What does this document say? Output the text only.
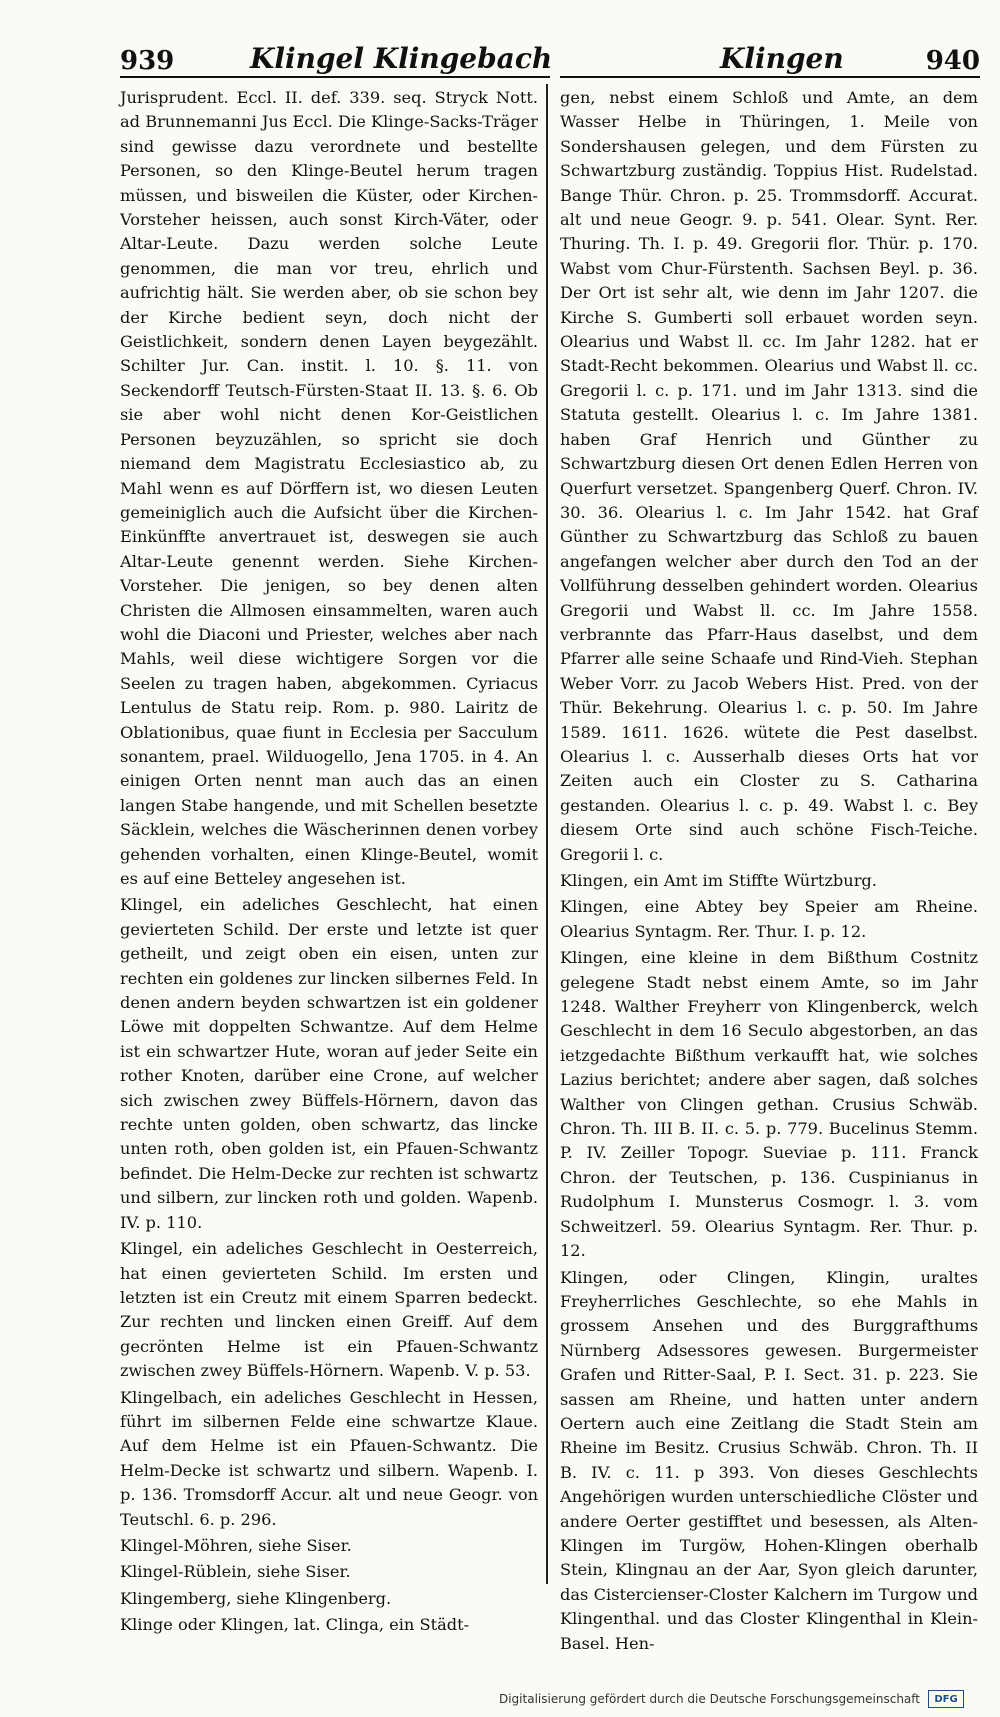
939	Klingel Klingebach	Klingen	940

Jurisprudent. Eccl. II. def. 339. seq. Stryck Nott. ad Brunnemanni Jus Eccl. Die Klinge-Sacks-Träger sind gewisse dazu verordnete und bestellte Personen, so den Klinge-Beutel herum tragen müssen, und bisweilen die Küster, oder Kirchen-Vorsteher heissen, auch sonst Kirch-Väter, oder Altar-Leute. Dazu werden solche Leute genommen, die man vor treu, ehrlich und aufrichtig hält. Sie werden aber, ob sie schon bey der Kirche bedient seyn, doch nicht der Geistlichkeit, sondern denen Layen beygezählt. Schilter Jur. Can. instit. l. 10. §. 11. von Seckendorff Teutsch-Fürsten-Staat II. 13. §. 6. Ob sie aber wohl nicht denen Kor-Geistlichen Personen beyzuzählen, so spricht sie doch niemand dem Magistratu Ecclesiastico ab, zu Mahl wenn es auf Dörffern ist, wo diesen Leuten gemeiniglich auch die Aufsicht über die Kirchen-Einkünffte anvertrauet ist, deswegen sie auch Altar-Leute genennt werden. Siehe Kirchen-Vorsteher. Die jenigen, so bey denen alten Christen die Allmosen einsammelten, waren auch wohl die Diaconi und Priester, welches aber nach Mahls, weil diese wichtigere Sorgen vor die Seelen zu tragen haben, abgekommen. Cyriacus Lentulus de Statu reip. Rom. p. 980. Lairitz de Oblationibus, quae fiunt in Ecclesia per Sacculum sonantem, prael. Wilduogello, Jena 1705. in 4. An einigen Orten nennt man auch das an einen langen Stabe hangende, und mit Schellen besetzte Säcklein, welches die Wäscherinnen denen vorbey gehenden vorhalten, einen Klinge-Beutel, womit es auf eine Betteley angesehen ist.

Klingel, ein adeliches Geschlecht, hat einen gevierteten Schild. Der erste und letzte ist quer getheilt, und zeigt oben ein eisen, unten zur rechten ein goldenes zur lincken silbernes Feld. In denen andern beyden schwartzen ist ein goldener Löwe mit doppelten Schwantze. Auf dem Helme ist ein schwartzer Hute, woran auf jeder Seite ein rother Knoten, darüber eine Crone, auf welcher sich zwischen zwey Büffels-Hörnern, davon das rechte unten golden, oben schwartz, das lincke unten roth, oben golden ist, ein Pfauen-Schwantz befindet. Die Helm-Decke zur rechten ist schwartz und silbern, zur lincken roth und golden. Wapenb. IV. p. 110.

Klingel, ein adeliches Geschlecht in Oesterreich, hat einen gevierteten Schild. Im ersten und letzten ist ein Creutz mit einem Sparren bedeckt. Zur rechten und lincken einen Greiff. Auf dem gecrönten Helme ist ein Pfauen-Schwantz zwischen zwey Büffels-Hörnern. Wapenb. V. p. 53.

Klingelbach, ein adeliches Geschlecht in Hessen, führt im silbernen Felde eine schwartze Klaue. Auf dem Helme ist ein Pfauen-Schwantz. Die Helm-Decke ist schwartz und silbern. Wapenb. I. p. 136. Tromsdorff Accur. alt und neue Geogr. von Teutschl. 6. p. 296.

Klingel-Möhren, siehe Siser.

Klingel-Rüblein, siehe Siser.

Klingemberg, siehe Klingenberg.

Klinge oder Klingen, lat. Clinga, ein Städt-

gen, nebst einem Schloß und Amte, an dem Wasser Helbe in Thüringen, 1. Meile von Sondershausen gelegen, und dem Fürsten zu Schwartzburg zuständig. Toppius Hist. Rudelstad. Bange Thür. Chron. p. 25. Trommsdorff. Accurat. alt und neue Geogr. 9. p. 541. Olear. Synt. Rer. Thuring. Th. I. p. 49. Gregorii flor. Thür. p. 170. Wabst vom Chur-Fürstenth. Sachsen Beyl. p. 36. Der Ort ist sehr alt, wie denn im Jahr 1207. die Kirche S. Gumberti soll erbauet worden seyn. Olearius und Wabst ll. cc. Im Jahr 1282. hat er Stadt-Recht bekommen. Olearius und Wabst ll. cc. Gregorii l. c. p. 171. und im Jahr 1313. sind die Statuta gestellt. Olearius l. c. Im Jahre 1381. haben Graf Henrich und Günther zu Schwartzburg diesen Ort denen Edlen Herren von Querfurt versetzet. Spangenberg Querf. Chron. IV. 30. 36. Olearius l. c. Im Jahr 1542. hat Graf Günther zu Schwartzburg das Schloß zu bauen angefangen welcher aber durch den Tod an der Vollführung desselben gehindert worden. Olearius Gregorii und Wabst ll. cc. Im Jahre 1558. verbrannte das Pfarr-Haus daselbst, und dem Pfarrer alle seine Schaafe und Rind-Vieh. Stephan Weber Vorr. zu Jacob Webers Hist. Pred. von der Thür. Bekehrung. Olearius l. c. p. 50. Im Jahre 1589. 1611. 1626. wütete die Pest daselbst. Olearius l. c. Ausserhalb dieses Orts hat vor Zeiten auch ein Closter zu S. Catharina gestanden. Olearius l. c. p. 49. Wabst l. c. Bey diesem Orte sind auch schöne Fisch-Teiche. Gregorii l. c.

Klingen, ein Amt im Stiffte Würtzburg.

Klingen, eine Abtey bey Speier am Rheine. Olearius Syntagm. Rer. Thur. I. p. 12.

Klingen, eine kleine in dem Bißthum Costnitz gelegene Stadt nebst einem Amte, so im Jahr 1248. Walther Freyherr von Klingenberck, welch Geschlecht in dem 16 Seculo abgestorben, an das ietzgedachte Bißthum verkaufft hat, wie solches Lazius berichtet; andere aber sagen, daß solches Walther von Clingen gethan. Crusius Schwäb. Chron. Th. III B. II. c. 5. p. 779. Bucelinus Stemm. P. IV. Zeiller Topogr. Sueviae p. 111. Franck Chron. der Teutschen, p. 136. Cuspinianus in Rudolphum I. Munsterus Cosmogr. l. 3. vom Schweitzerl. 59. Olearius Syntagm. Rer. Thur. p. 12.

Klingen, oder Clingen, Klingin, uraltes Freyherrliches Geschlechte, so ehe Mahls in grossem Ansehen und des Burggrafthums Nürnberg Adsessores gewesen. Burgermeister Grafen und Ritter-Saal, P. I. Sect. 31. p. 223. Sie sassen am Rheine, und hatten unter andern Oertern auch eine Zeitlang die Stadt Stein am Rheine im Besitz. Crusius Schwäb. Chron. Th. II B. IV. c. 11. p 393. Von dieses Geschlechts Angehörigen wurden unterschiedliche Clöster und andere Oerter gestifftet und besessen, als Alten-Klingen im Turgöw, Hohen-Klingen oberhalb Stein, Klingnau an der Aar, Syon gleich darunter, das Cistercienser-Closter Kalchern im Turgow und Klingenthal. und das Closter Klingenthal in Klein-Basel. Hen-

Digitalisierung gefördert durch die Deutsche Forschungsgemeinschaft	DFG
